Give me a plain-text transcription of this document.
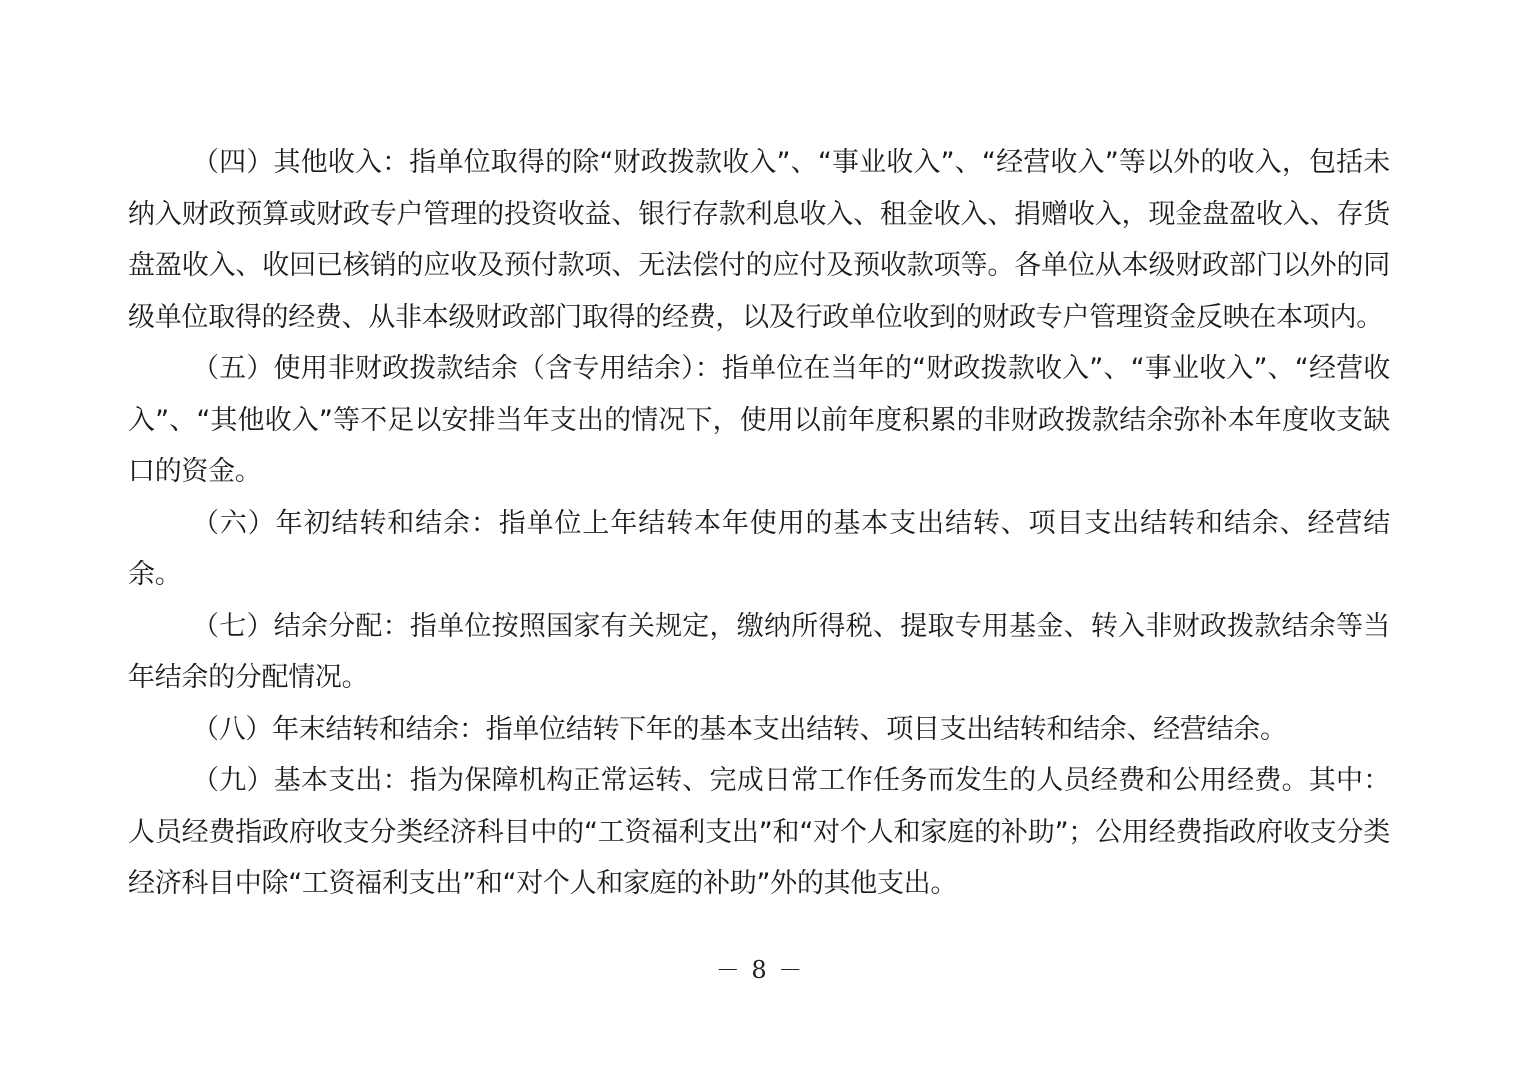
（四）其他收入：指单位取得的除“财政拨款收入”、“事业收入”、“经营收入”等以外的收入，包括未纳入财政预算或财政专户管理的投资收益、银行存款利息收入、租金收入、捐赠收入，现金盘盈收入、存货盘盈收入、收回已核销的应收及预付款项、无法偿付的应付及预收款项等。各单位从本级财政部门以外的同级单位取得的经费、从非本级财政部门取得的经费，以及行政单位收到的财政专户管理资金反映在本项内。

（五）使用非财政拨款结余（含专用结余）：指单位在当年的“财政拨款收入”、“事业收入”、“经营收入”、“其他收入”等不足以安排当年支出的情况下，使用以前年度积累的非财政拨款结余弥补本年度收支缺口的资金。

（六）年初结转和结余：指单位上年结转本年使用的基本支出结转、项目支出结转和结余、经营结余。

（七）结余分配：指单位按照国家有关规定，缴纳所得税、提取专用基金、转入非财政拨款结余等当年结余的分配情况。

（八）年末结转和结余：指单位结转下年的基本支出结转、项目支出结转和结余、经营结余。

（九）基本支出：指为保障机构正常运转、完成日常工作任务而发生的人员经费和公用经费。其中：人员经费指政府收支分类经济科目中的“工资福利支出”和“对个人和家庭的补助”；公用经费指政府收支分类经济科目中除“工资福利支出”和“对个人和家庭的补助”外的其他支出。

－ 8 －
